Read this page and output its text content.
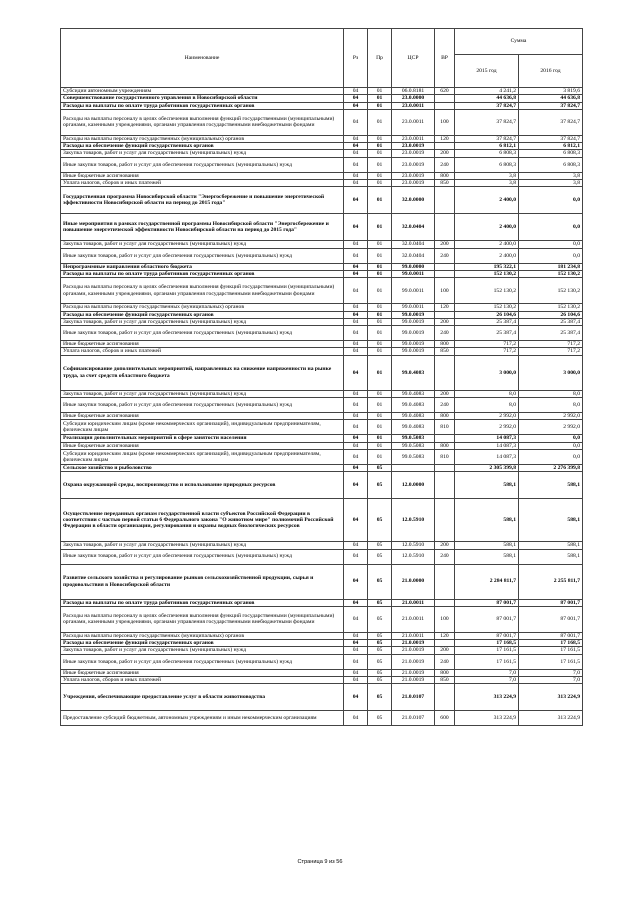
Наименование	Рз	Пр	ЦСР	ВР	Сумма	
					2015 год	2016 год
Субсидии автономным учреждениям	04	01	06.0.8181	620	4 241,2	3 819,6
Совершенствование государственного управления в Новосибирской области	04	01	23.0.0000		44 636,8	44 636,8
Расходы на выплаты по оплате труда работников государственных органов	04	01	23.0.0011		37 824,7	37 824,7
Расходы на выплаты персоналу в целях обеспечения выполнения функций государственными (муниципальными) органами, казенными учреждениями, органами управления государственными внебюджетными фондами	04	01	23.0.0011	100	37 824,7	37 824,7
Расходы на выплаты персоналу государственных (муниципальных) органов	04	01	23.0.0011	120	37 824,7	37 824,7
Расходы на обеспечение функций государственных органов	04	01	23.0.0019		6 812,1	6 812,1
Закупка товаров, работ и услуг для государственных (муниципальных) нужд	04	01	23.0.0019	200	6 808,3	6 808,3
Иные закупки товаров, работ и услуг для обеспечения государственных (муниципальных) нужд	04	01	23.0.0019	240	6 808,3	6 808,3
Иные бюджетные ассигнования	04	01	23.0.0019	800	3,8	3,8
Уплата налогов, сборов и иных платежей	04	01	23.0.0019	850	3,8	3,8
Государственная программа Новосибирской области "Энергосбережение и повышение энергетической эффективности Новосибирской области на период до 2015 года"	04	01	32.0.0000		2 400,0	0,0
Иные мероприятия в рамках государственной программы Новосибирской области "Энергосбережение и повышение энергетической эффективности Новосибирской области на период до 2015 года"	04	01	32.0.0404		2 400,0	0,0
Закупка товаров, работ и услуг для государственных (муниципальных) нужд	04	01	32.0.0404	200	2 400,0	0,0
Иные закупки товаров, работ и услуг для обеспечения государственных (муниципальных) нужд	04	01	32.0.0404	240	2 400,0	0,0
Непрограммные направления областного бюджета	04	01	99.0.0000		195 322,1	181 234,8
Расходы на выплаты по оплате труда работников государственных органов	04	01	99.0.0011		152 130,2	152 130,2
Расходы на выплаты персоналу в целях обеспечения выполнения функций государственными (муниципальными) органами, казенными учреждениями, органами управления государственными внебюджетными фондами	04	01	99.0.0011	100	152 130,2	152 130,2
Расходы на выплаты персоналу государственных (муниципальных) органов	04	01	99.0.0011	120	152 130,2	152 130,2
Расходы на обеспечение функций государственных органов	04	01	99.0.0019		26 104,6	26 104,6
Закупка товаров, работ и услуг для государственных (муниципальных) нужд	04	01	99.0.0019	200	25 387,4	25 387,4
Иные закупки товаров, работ и услуг для обеспечения государственных (муниципальных) нужд	04	01	99.0.0019	240	25 387,4	25 387,4
Иные бюджетные ассигнования	04	01	99.0.0019	800	717,2	717,2
Уплата налогов, сборов и иных платежей	04	01	99.0.0019	850	717,2	717,2
Софинансирование дополнительных мероприятий, направленных на снижение напряженности на рынке труда, за счет средств областного бюджета	04	01	99.0.4083		3 000,0	3 000,0
Закупка товаров, работ и услуг для государственных (муниципальных) нужд	04	01	99.0.4083	200	8,0	8,0
Иные закупки товаров, работ и услуг для обеспечения государственных (муниципальных) нужд	04	01	99.0.4083	240	8,0	8,0
Иные бюджетные ассигнования	04	01	99.0.4083	800	2 992,0	2 992,0
Субсидии юридическим лицам (кроме некоммерческих организаций), индивидуальным предпринимателям, физическим лицам	04	01	99.0.4083	810	2 992,0	2 992,0
Реализация дополнительных мероприятий в сфере занятости населения	04	01	99.0.5083		14 087,3	0,0
Иные бюджетные ассигнования	04	01	99.0.5083	800	14 087,3	0,0
Субсидии юридическим лицам (кроме некоммерческих организаций), индивидуальным предпринимателям, физическим лицам	04	01	99.0.5083	810	14 087,3	0,0
Сельское хозяйство и рыболовство	04	05			2 305 399,8	2 276 399,8
Охрана окружающей среды, воспроизводство и использование природных ресурсов	04	05	12.0.0000		588,1	588,1
Осуществление переданных органам государственной власти субъектов Российской Федерации в соответствии с частью первой статьи 6 Федерального закона "О животном мире" полномочий Российской Федерации в области организации, регулирования и охраны водных биологических ресурсов	04	05	12.0.5910		588,1	588,1
Закупка товаров, работ и услуг для государственных (муниципальных) нужд	04	05	12.0.5910	200	588,1	588,1
Иные закупки товаров, работ и услуг для обеспечения государственных (муниципальных) нужд	04	05	12.0.5910	240	588,1	588,1
Развитие сельского хозяйства и регулирование рынков сельскохозяйственной продукции, сырья и продовольствия в Новосибирской области	04	05	21.0.0000		2 284 811,7	2 255 811,7
Расходы на выплаты по оплате труда работников государственных органов	04	05	21.0.0011		87 001,7	87 001,7
Расходы на выплаты персоналу в целях обеспечения выполнения функций государственными (муниципальными) органами, казенными учреждениями, органами управления государственными внебюджетными фондами	04	05	21.0.0011	100	87 001,7	87 001,7
Расходы на выплаты персоналу государственных (муниципальных) органов	04	05	21.0.0011	120	87 001,7	87 001,7
Расходы на обеспечение функций государственных органов	04	05	21.0.0019		17 168,5	17 168,5
Закупка товаров, работ и услуг для государственных (муниципальных) нужд	04	05	21.0.0019	200	17 161,5	17 161,5
Иные закупки товаров, работ и услуг для обеспечения государственных (муниципальных) нужд	04	05	21.0.0019	240	17 161,5	17 161,5
Иные бюджетные ассигнования	04	05	21.0.0019	800	7,0	7,0
Уплата налогов, сборов и иных платежей	04	05	21.0.0019	850	7,0	7,0
Учреждения, обеспечивающие предоставление услуг в области животноводства	04	05	21.0.0107		313 224,9	313 224,9
Предоставление субсидий бюджетным, автономным учреждениям и иным некоммерческим организациям	04	05	21.0.0107	600	313 224,9	313 224,9
Страница 9 из 56
